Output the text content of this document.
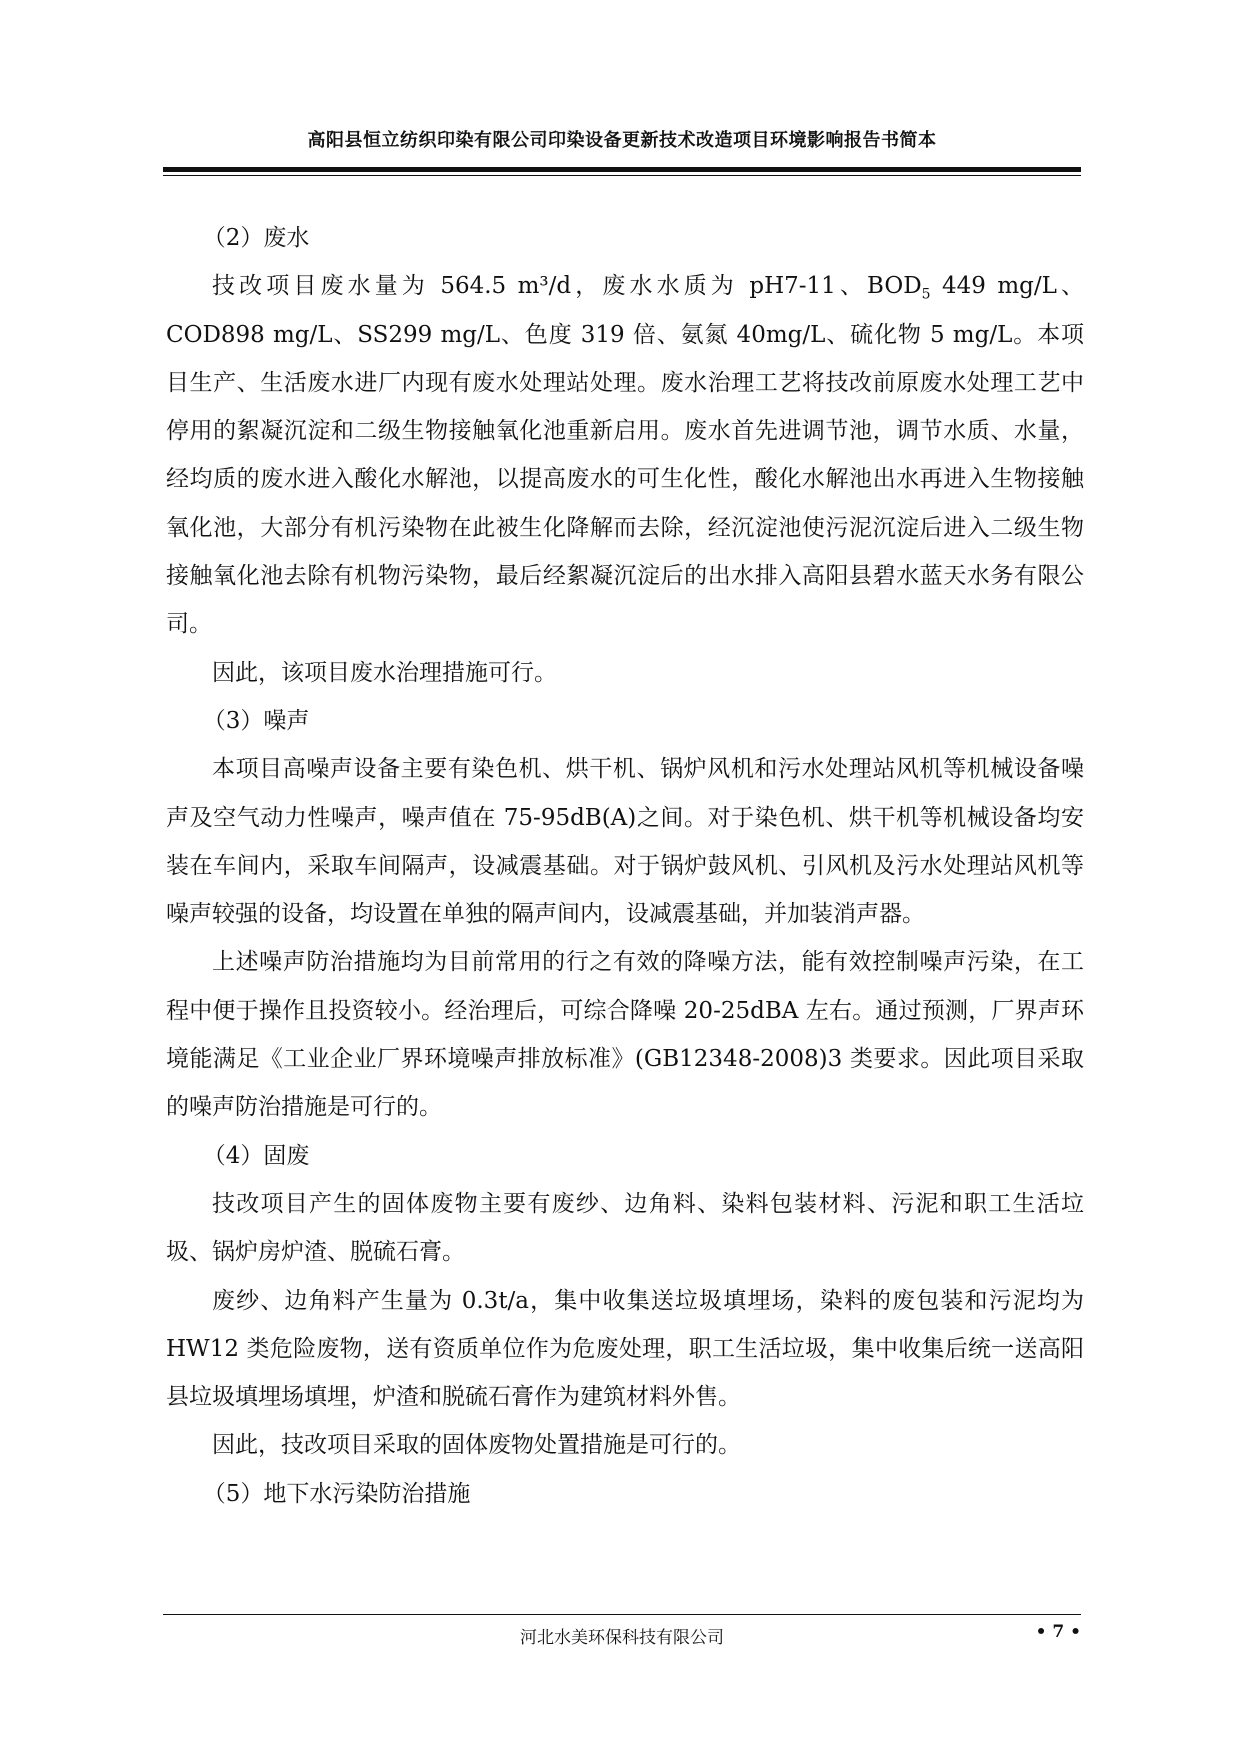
高阳县恒立纺织印染有限公司印染设备更新技术改造项目环境影响报告书简本

（2）废水

技改项目废水量为 564.5 m³/d，废水水质为 pH7-11、$BOD_5$ 449 mg/L、COD898 mg/L、SS299 mg/L、色度 319 倍、氨氮 40mg/L、硫化物 5 mg/L。本项目生产、生活废水进厂内现有废水处理站处理。废水治理工艺将技改前原废水处理工艺中停用的絮凝沉淀和二级生物接触氧化池重新启用。废水首先进调节池，调节水质、水量，经均质的废水进入酸化水解池，以提高废水的可生化性，酸化水解池出水再进入生物接触氧化池，大部分有机污染物在此被生化降解而去除，经沉淀池使污泥沉淀后进入二级生物接触氧化池去除有机物污染物，最后经絮凝沉淀后的出水排入高阳县碧水蓝天水务有限公司。

因此，该项目废水治理措施可行。

（3）噪声

本项目高噪声设备主要有染色机、烘干机、锅炉风机和污水处理站风机等机械设备噪声及空气动力性噪声，噪声值在 75-95dB(A)之间。对于染色机、烘干机等机械设备均安装在车间内，采取车间隔声，设减震基础。对于锅炉鼓风机、引风机及污水处理站风机等噪声较强的设备，均设置在单独的隔声间内，设减震基础，并加装消声器。

上述噪声防治措施均为目前常用的行之有效的降噪方法，能有效控制噪声污染，在工程中便于操作且投资较小。经治理后，可综合降噪 20-25dBA 左右。通过预测，厂界声环境能满足《工业企业厂界环境噪声排放标准》(GB12348-2008)3 类要求。因此项目采取的噪声防治措施是可行的。

（4）固废

技改项目产生的固体废物主要有废纱、边角料、染料包装材料、污泥和职工生活垃圾、锅炉房炉渣、脱硫石膏。

废纱、边角料产生量为 0.3t/a，集中收集送垃圾填埋场，染料的废包装和污泥均为 HW12 类危险废物，送有资质单位作为危废处理，职工生活垃圾，集中收集后统一送高阳县垃圾填埋场填埋，炉渣和脱硫石膏作为建筑材料外售。

因此，技改项目采取的固体废物处置措施是可行的。

（5）地下水污染防治措施

河北水美环保科技有限公司	• 7 •
